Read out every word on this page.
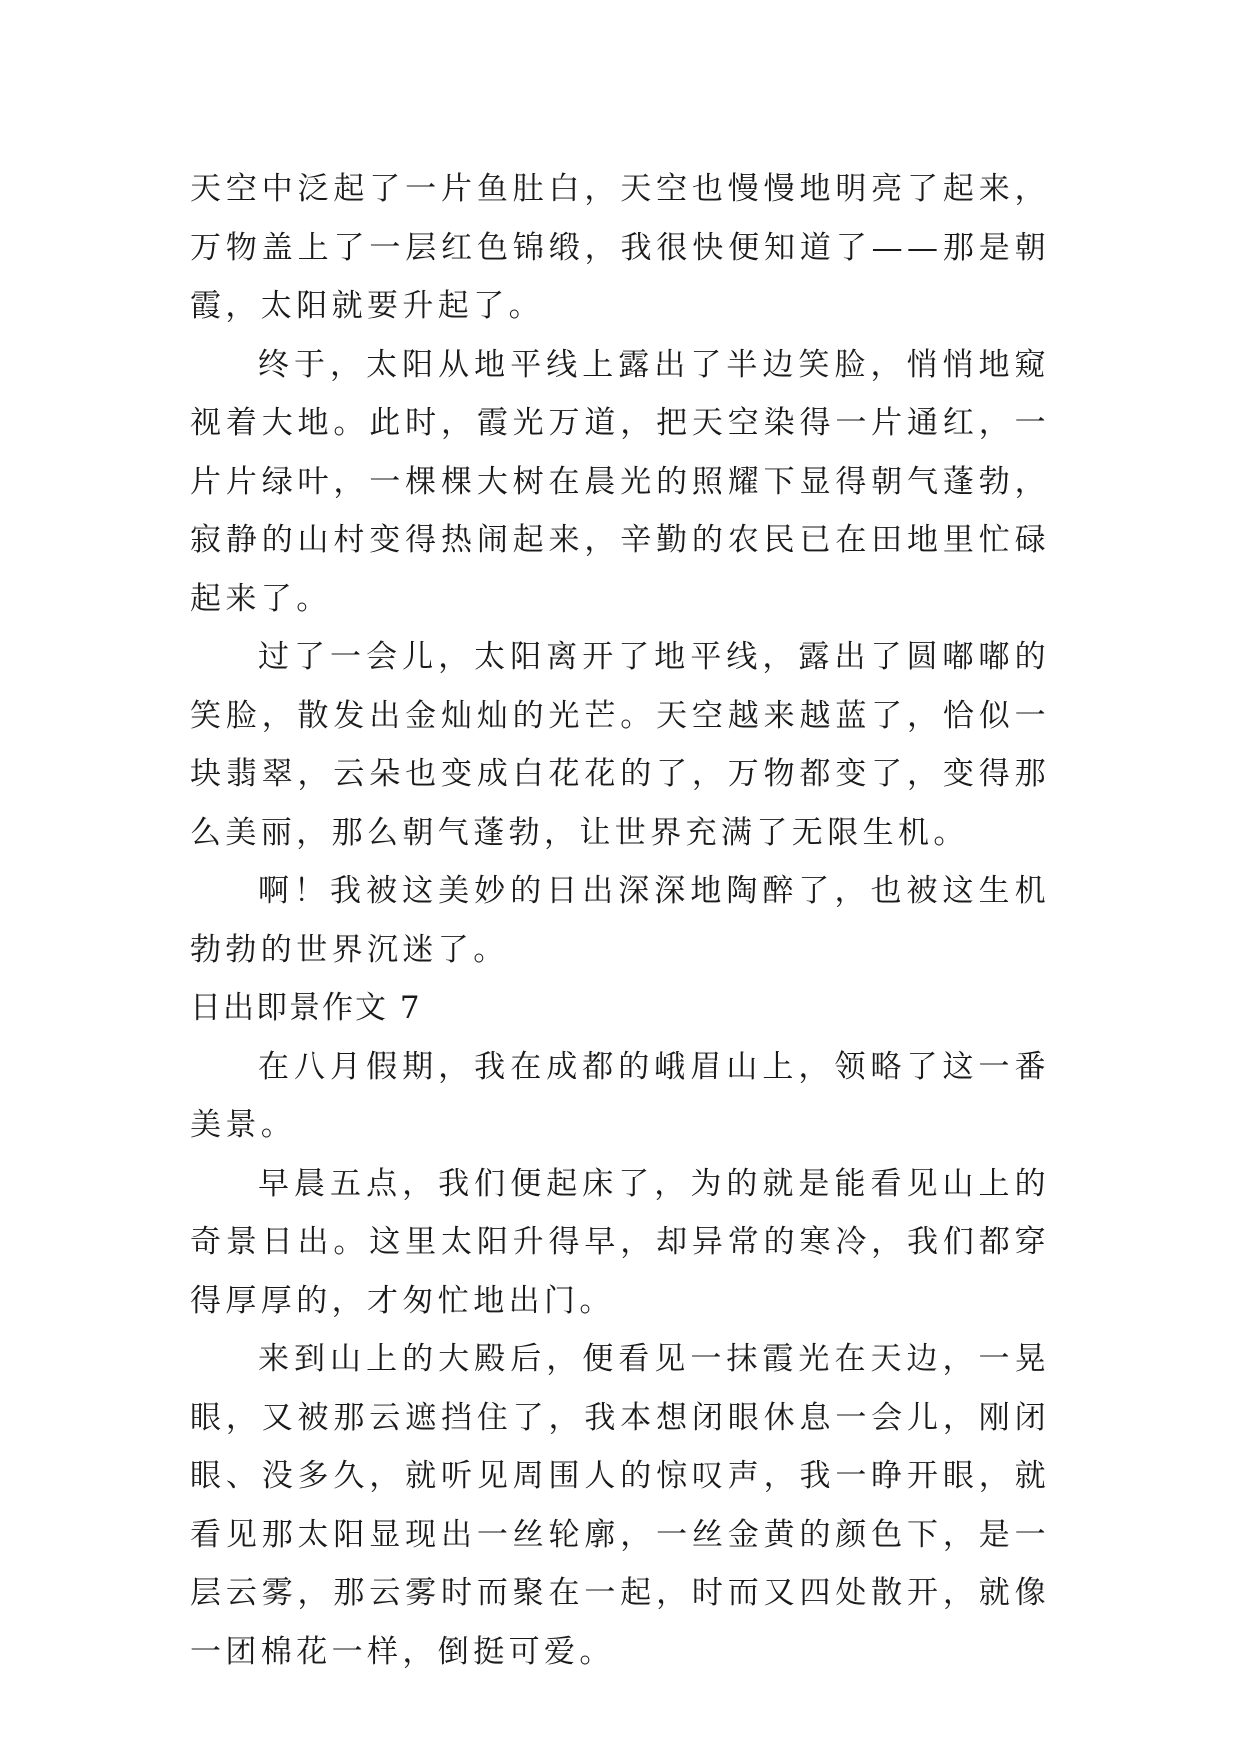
天空中泛起了一片鱼肚白，天空也慢慢地明亮了起来，万物盖上了一层红色锦缎，我很快便知道了——那是朝霞，太阳就要升起了。

终于，太阳从地平线上露出了半边笑脸，悄悄地窥视着大地。此时，霞光万道，把天空染得一片通红，一片片绿叶，一棵棵大树在晨光的照耀下显得朝气蓬勃，寂静的山村变得热闹起来，辛勤的农民已在田地里忙碌起来了。

过了一会儿，太阳离开了地平线，露出了圆嘟嘟的笑脸，散发出金灿灿的光芒。天空越来越蓝了，恰似一块翡翠，云朵也变成白花花的了，万物都变了，变得那么美丽，那么朝气蓬勃，让世界充满了无限生机。

啊！我被这美妙的日出深深地陶醉了，也被这生机勃勃的世界沉迷了。

日出即景作文 7

在八月假期，我在成都的峨眉山上，领略了这一番美景。

早晨五点，我们便起床了，为的就是能看见山上的奇景日出。这里太阳升得早，却异常的寒冷，我们都穿得厚厚的，才匆忙地出门。

来到山上的大殿后，便看见一抹霞光在天边，一晃眼，又被那云遮挡住了，我本想闭眼休息一会儿，刚闭眼、没多久，就听见周围人的惊叹声，我一睁开眼，就看见那太阳显现出一丝轮廓，一丝金黄的颜色下，是一层云雾，那云雾时而聚在一起，时而又四处散开，就像一团棉花一样，倒挺可爱。
